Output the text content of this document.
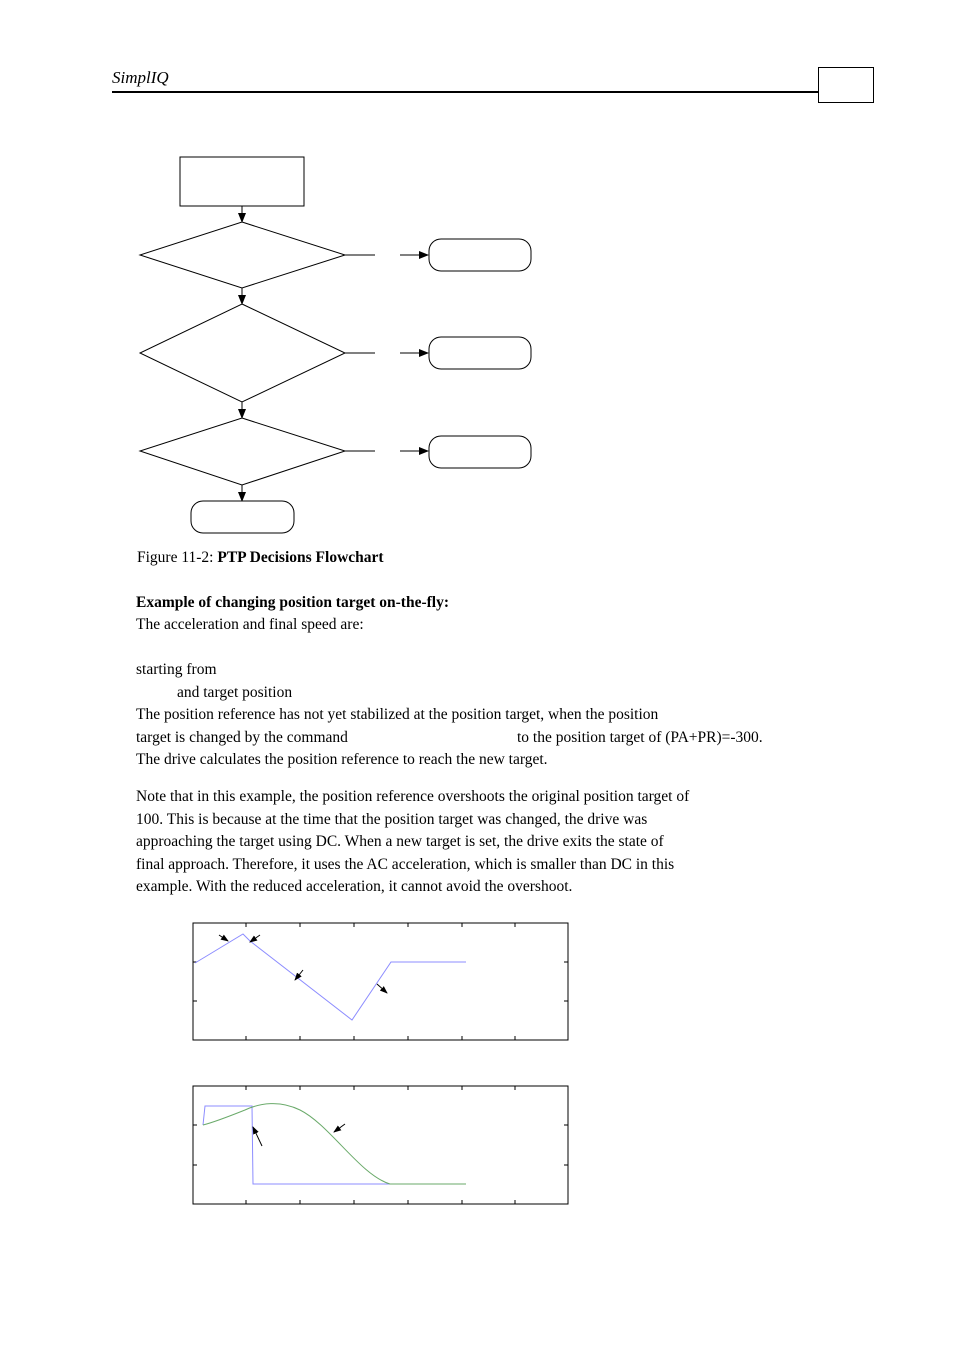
SimplIQ
Figure 11-2: PTP Decisions Flowchart
Example of changing position target on-the-fly:
The acceleration and final speed are:
starting from
and target position
The position reference has not yet stabilized at the position target, when the position
target is changed by the command	to the position target of (PA+PR)=-300.
The drive calculates the position reference to reach the new target.
Note that in this example, the position reference overshoots the original position target of
100. This is because at the time that the position target was changed, the drive was
approaching the target using DC. When a new target is set, the drive exits the state of
final approach. Therefore, it uses the AC acceleration, which is smaller than DC in this
example. With the reduced acceleration, it cannot avoid the overshoot.
